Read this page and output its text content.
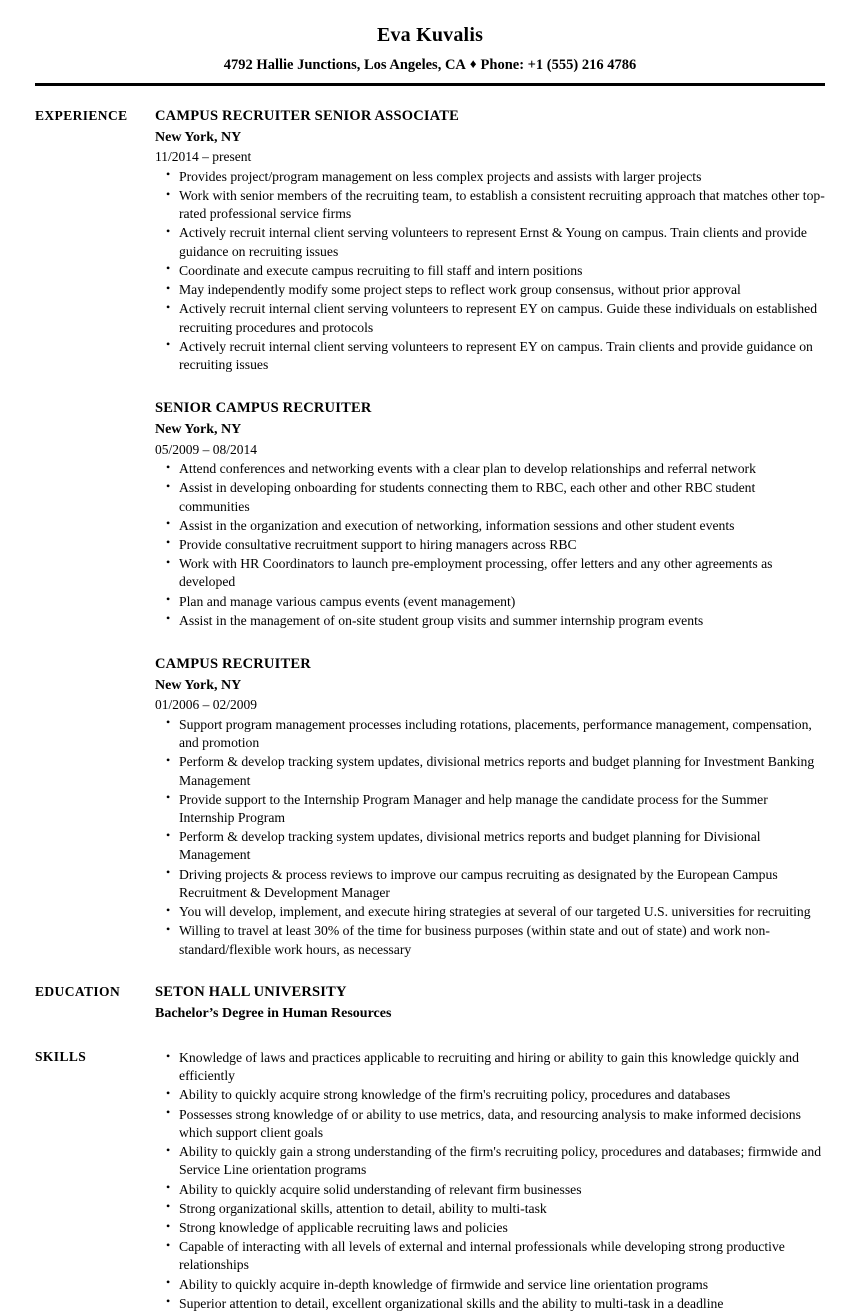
Eva Kuvalis
4792 Hallie Junctions, Los Angeles, CA ♦ Phone: +1 (555) 216 4786
EXPERIENCE	CAMPUS RECRUITER SENIOR ASSOCIATE
New York, NY
11/2014 – present
• Provides project/program management on less complex projects and assists with larger projects
• Work with senior members of the recruiting team, to establish a consistent recruiting approach that matches other top-rated professional service firms
• Actively recruit internal client serving volunteers to represent Ernst & Young on campus. Train clients and provide guidance on recruiting issues
• Coordinate and execute campus recruiting to fill staff and intern positions
• May independently modify some project steps to reflect work group consensus, without prior approval
• Actively recruit internal client serving volunteers to represent EY on campus. Guide these individuals on established recruiting procedures and protocols
• Actively recruit internal client serving volunteers to represent EY on campus. Train clients and provide guidance on recruiting issues
SENIOR CAMPUS RECRUITER
New York, NY
05/2009 – 08/2014
• Attend conferences and networking events with a clear plan to develop relationships and referral network
• Assist in developing onboarding for students connecting them to RBC, each other and other RBC student communities
• Assist in the organization and execution of networking, information sessions and other student events
• Provide consultative recruitment support to hiring managers across RBC
• Work with HR Coordinators to launch pre-employment processing, offer letters and any other agreements as developed
• Plan and manage various campus events (event management)
• Assist in the management of on-site student group visits and summer internship program events
CAMPUS RECRUITER
New York, NY
01/2006 – 02/2009
• Support program management processes including rotations, placements, performance management, compensation, and promotion
• Perform & develop tracking system updates, divisional metrics reports and budget planning for Investment Banking Management
• Provide support to the Internship Program Manager and help manage the candidate process for the Summer Internship Program
• Perform & develop tracking system updates, divisional metrics reports and budget planning for Divisional Management
• Driving projects & process reviews to improve our campus recruiting as designated by the European Campus Recruitment & Development Manager
• You will develop, implement, and execute hiring strategies at several of our targeted U.S. universities for recruiting
• Willing to travel at least 30% of the time for business purposes (within state and out of state) and work non-standard/flexible work hours, as necessary
EDUCATION	SETON HALL UNIVERSITY
Bachelor’s Degree in Human Resources
SKILLS	• Knowledge of laws and practices applicable to recruiting and hiring or ability to gain this knowledge quickly and efficiently
• Ability to quickly acquire strong knowledge of the firm's recruiting policy, procedures and databases
• Possesses strong knowledge of or ability to use metrics, data, and resourcing analysis to make informed decisions which support client goals
• Ability to quickly gain a strong understanding of the firm's recruiting policy, procedures and databases; firmwide and Service Line orientation programs
• Ability to quickly acquire solid understanding of relevant firm businesses
• Strong organizational skills, attention to detail, ability to multi-task
• Strong knowledge of applicable recruiting laws and policies
• Capable of interacting with all levels of external and internal professionals while developing strong productive relationships
• Ability to quickly acquire in-depth knowledge of firmwide and service line orientation programs
• Superior attention to detail, excellent organizational skills and the ability to multi-task in a deadline
